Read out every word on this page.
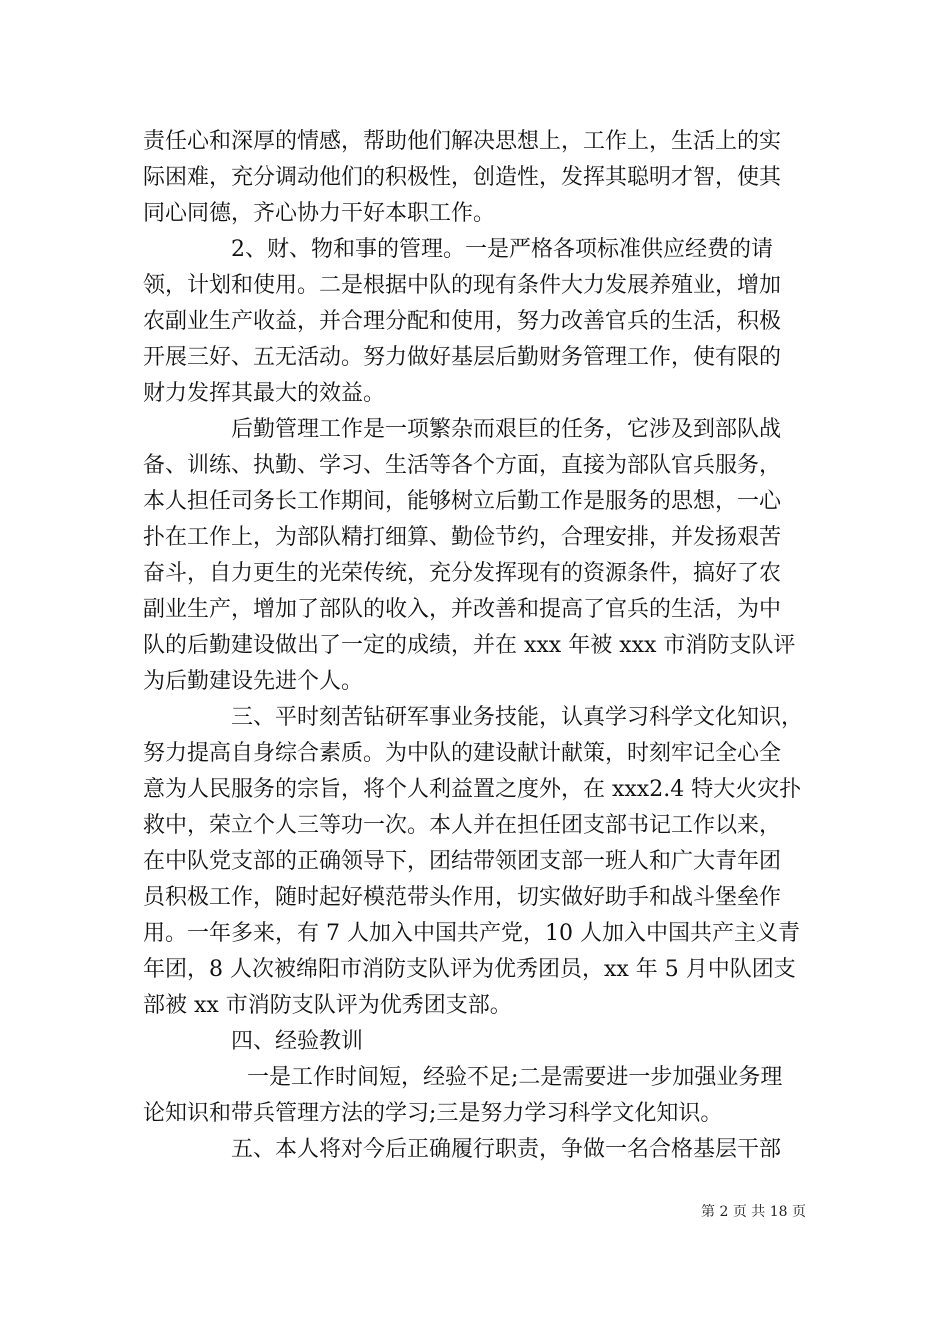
责任心和深厚的情感，帮助他们解决思想上，工作上，生活上的实
际困难，充分调动他们的积极性，创造性，发挥其聪明才智，使其
同心同德，齐心协力干好本职工作。
2、财、物和事的管理。一是严格各项标准供应经费的请
领，计划和使用。二是根据中队的现有条件大力发展养殖业，增加
农副业生产收益，并合理分配和使用，努力改善官兵的生活，积极
开展三好、五无活动。努力做好基层后勤财务管理工作，使有限的
财力发挥其最大的效益。
后勤管理工作是一项繁杂而艰巨的任务，它涉及到部队战
备、训练、执勤、学习、生活等各个方面，直接为部队官兵服务，
本人担任司务长工作期间，能够树立后勤工作是服务的思想，一心
扑在工作上，为部队精打细算、勤俭节约，合理安排，并发扬艰苦
奋斗，自力更生的光荣传统，充分发挥现有的资源条件，搞好了农
副业生产，增加了部队的收入，并改善和提高了官兵的生活，为中
队的后勤建设做出了一定的成绩，并在 xxx 年被 xxx 市消防支队评
为后勤建设先进个人。
三、平时刻苦钻研军事业务技能，认真学习科学文化知识，
努力提高自身综合素质。为中队的建设献计献策，时刻牢记全心全
意为人民服务的宗旨，将个人利益置之度外，在 xxx2.4 特大火灾扑
救中，荣立个人三等功一次。本人并在担任团支部书记工作以来，
在中队党支部的正确领导下，团结带领团支部一班人和广大青年团
员积极工作，随时起好模范带头作用，切实做好助手和战斗堡垒作
用。一年多来，有 7 人加入中国共产党，10 人加入中国共产主义青
年团，8 人次被绵阳市消防支队评为优秀团员，xx 年 5 月中队团支
部被 xx 市消防支队评为优秀团支部。
四、经验教训
一是工作时间短，经验不足;二是需要进一步加强业务理
论知识和带兵管理方法的学习;三是努力学习科学文化知识。
五、本人将对今后正确履行职责，争做一名合格基层干部
第 2 页 共 18 页
